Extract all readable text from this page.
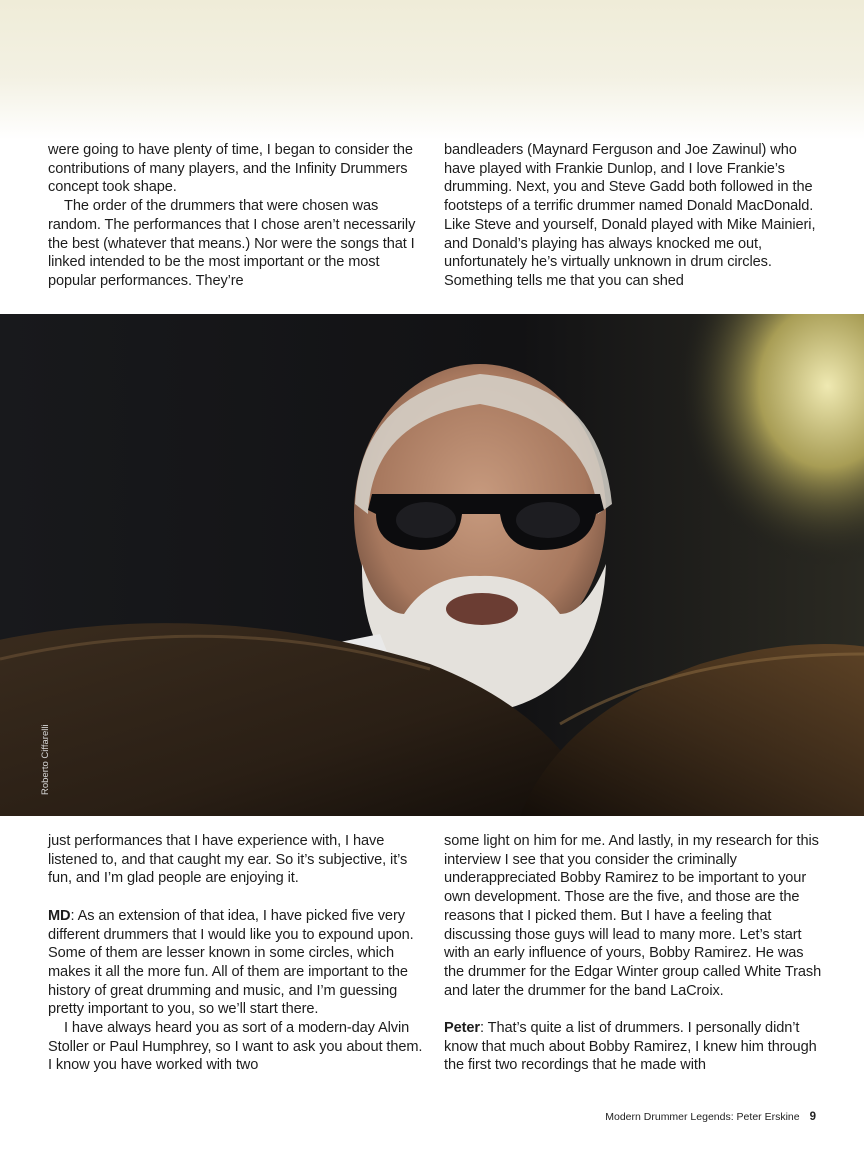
were going to have plenty of time, I began to consider the contributions of many players, and the Infinity Drummers concept took shape.

The order of the drummers that were chosen was random. The performances that I chose aren’t necessarily the best (whatever that means.) Nor were the songs that I linked intended to be the most important or the most popular performances. They’re

bandleaders (Maynard Ferguson and Joe Zawinul) who have played with Frankie Dunlop, and I love Frankie’s drumming. Next, you and Steve Gadd both followed in the footsteps of a terrific drummer named Donald MacDonald. Like Steve and yourself, Donald played with Mike Mainieri, and Donald’s playing has always knocked me out, unfortunately he’s virtually unknown in drum circles. Something tells me that you can shed

Roberto Ciffarelli

just performances that I have experience with, I have listened to, and that caught my ear. So it’s subjective, it’s fun, and I’m glad people are enjoying it.

MD: As an extension of that idea, I have picked five very different drummers that I would like you to expound upon. Some of them are lesser known in some circles, which makes it all the more fun. All of them are important to the history of great drumming and music, and I’m guessing pretty important to you, so we’ll start there.

I have always heard you as sort of a modern-day Alvin Stoller or Paul Humphrey, so I want to ask you about them. I know you have worked with two

some light on him for me. And lastly, in my research for this interview I see that you consider the criminally underappreciated Bobby Ramirez to be important to your own development. Those are the five, and those are the reasons that I picked them. But I have a feeling that discussing those guys will lead to many more. Let’s start with an early influence of yours, Bobby Ramirez. He was the drummer for the Edgar Winter group called White Trash and later the drummer for the band LaCroix.

Peter: That’s quite a list of drummers. I personally didn’t know that much about Bobby Ramirez, I knew him through the first two recordings that he made with

Modern Drummer Legends: Peter Erskine 9
